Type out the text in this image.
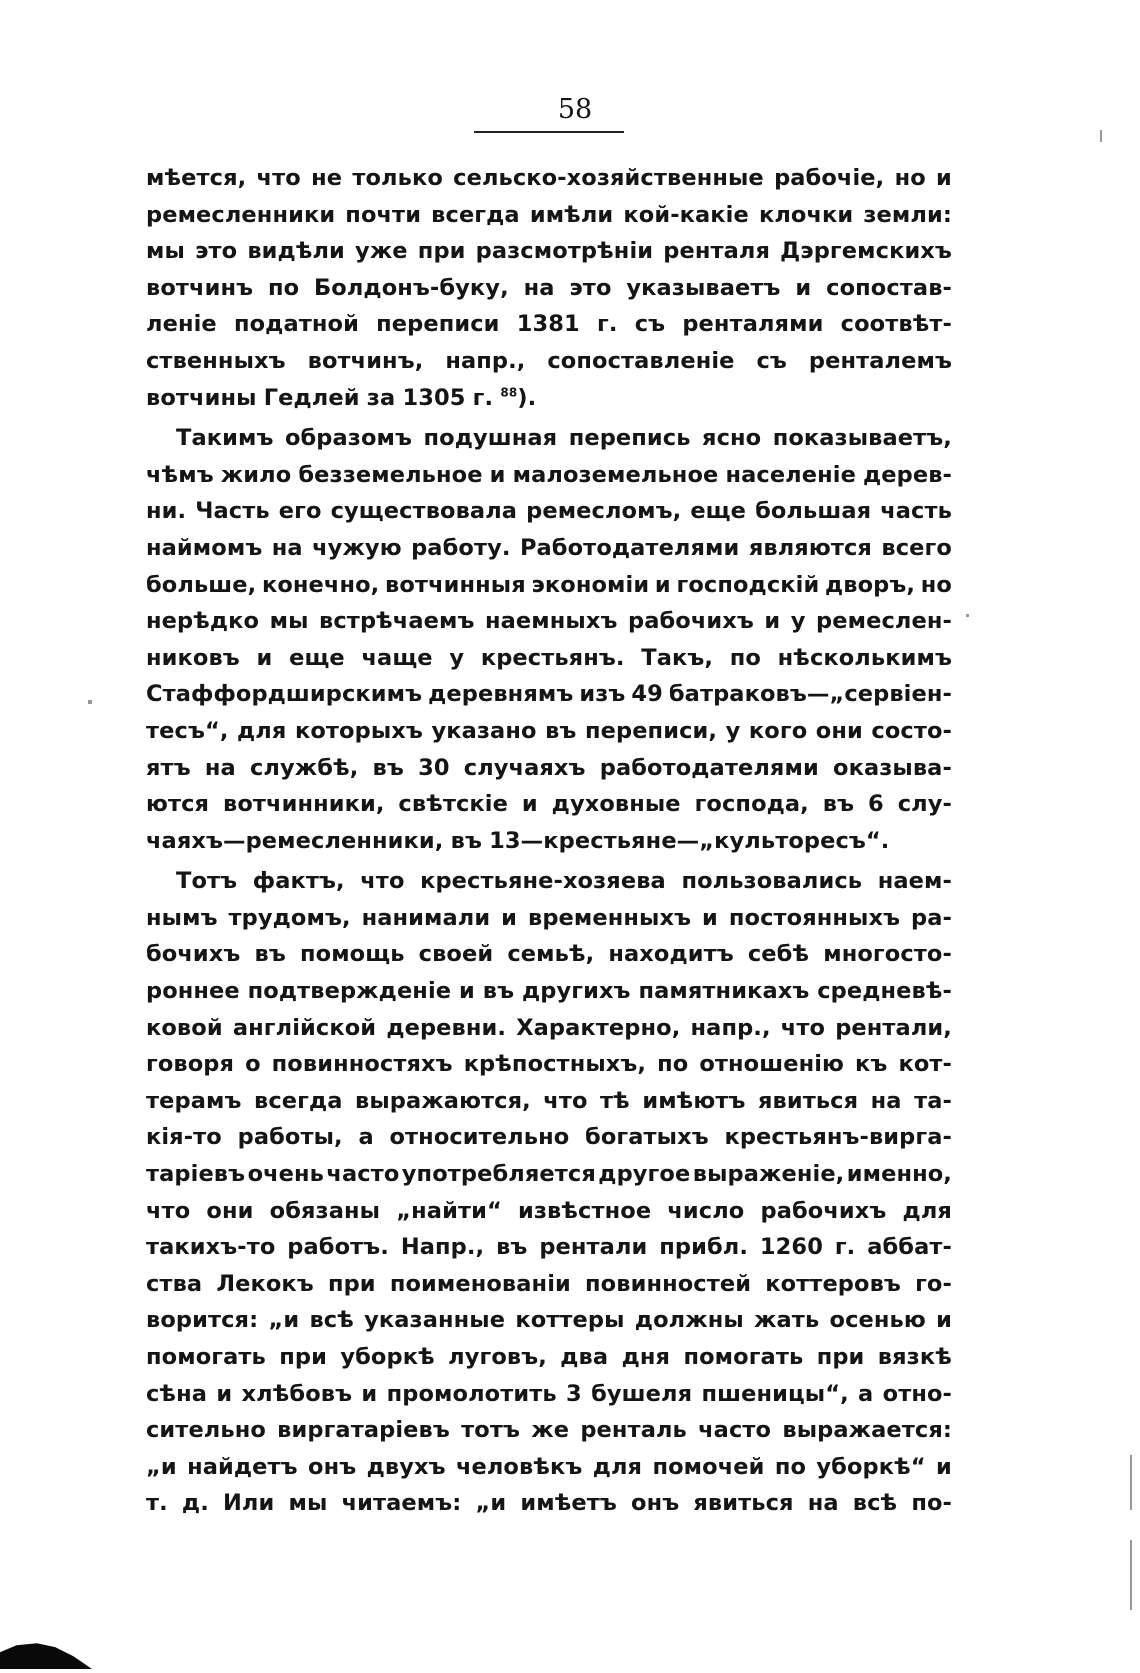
58
мѣется, что не только сельско-хозяйственные рабочіе, но и
ремесленники почти всегда имѣли кой-какіе клочки земли:
мы это видѣли уже при разсмотрѣніи ренталя Дэргемскихъ
вотчинъ по Болдонъ-буку, на это указываетъ и сопостав-
леніе податной переписи 1381 г. съ ренталями соотвѣт-
ственныхъ вотчинъ, напр., сопоставленіе съ ренталемъ
вотчины Гедлей за 1305 г. $^{88}$).
Такимъ образомъ подушная перепись ясно показываетъ,
чѣмъ жило безземельное и малоземельное населеніе дерев-
ни. Часть его существовала ремесломъ, еще большая часть
наймомъ на чужую работу. Работодателями являются всего
больше, конечно, вотчинныя экономіи и господскій дворъ, но
нерѣдко мы встрѣчаемъ наемныхъ рабочихъ и у ремеслен-
никовъ и еще чаще у крестьянъ. Такъ, по нѣсколькимъ
Стаффордширскимъ деревнямъ изъ 49 батраковъ—„сервіен-
тесъ“, для которыхъ указано въ переписи, у кого они состо-
ятъ на службѣ, въ 30 случаяхъ работодателями оказыва-
ются вотчинники, свѣтскіе и духовные господа, въ 6 слу-
чаяхъ—ремесленники, въ 13—крестьяне—„культоресъ“.
Тотъ фактъ, что крестьяне-хозяева пользовались наем-
нымъ трудомъ, нанимали и временныхъ и постоянныхъ ра-
бочихъ въ помощь своей семьѣ, находитъ себѣ многосто-
роннее подтвержденіе и въ другихъ памятникахъ средневѣ-
ковой англійской деревни. Характерно, напр., что рентали,
говоря о повинностяхъ крѣпостныхъ, по отношенію къ кот-
терамъ всегда выражаются, что тѣ имѣютъ явиться на та-
кія-то работы, а относительно богатыхъ крестьянъ-вирга-
таріевъ очень часто употребляется другое выраженіе, именно,
что они обязаны „найти“ извѣстное число рабочихъ для
такихъ-то работъ. Напр., въ рентали прибл. 1260 г. аббат-
ства Лекокъ при поименованіи повинностей коттеровъ го-
ворится: „и всѣ указанные коттеры должны жать осенью и
помогать при уборкѣ луговъ, два дня помогать при вязкѣ
сѣна и хлѣбовъ и промолотить 3 бушеля пшеницы“, а отно-
сительно виргатаріевъ тотъ же ренталь часто выражается:
„и найдетъ онъ двухъ человѣкъ для помочей по уборкѣ“ и
т. д. Или мы читаемъ: „и имѣетъ онъ явиться на всѣ по-
